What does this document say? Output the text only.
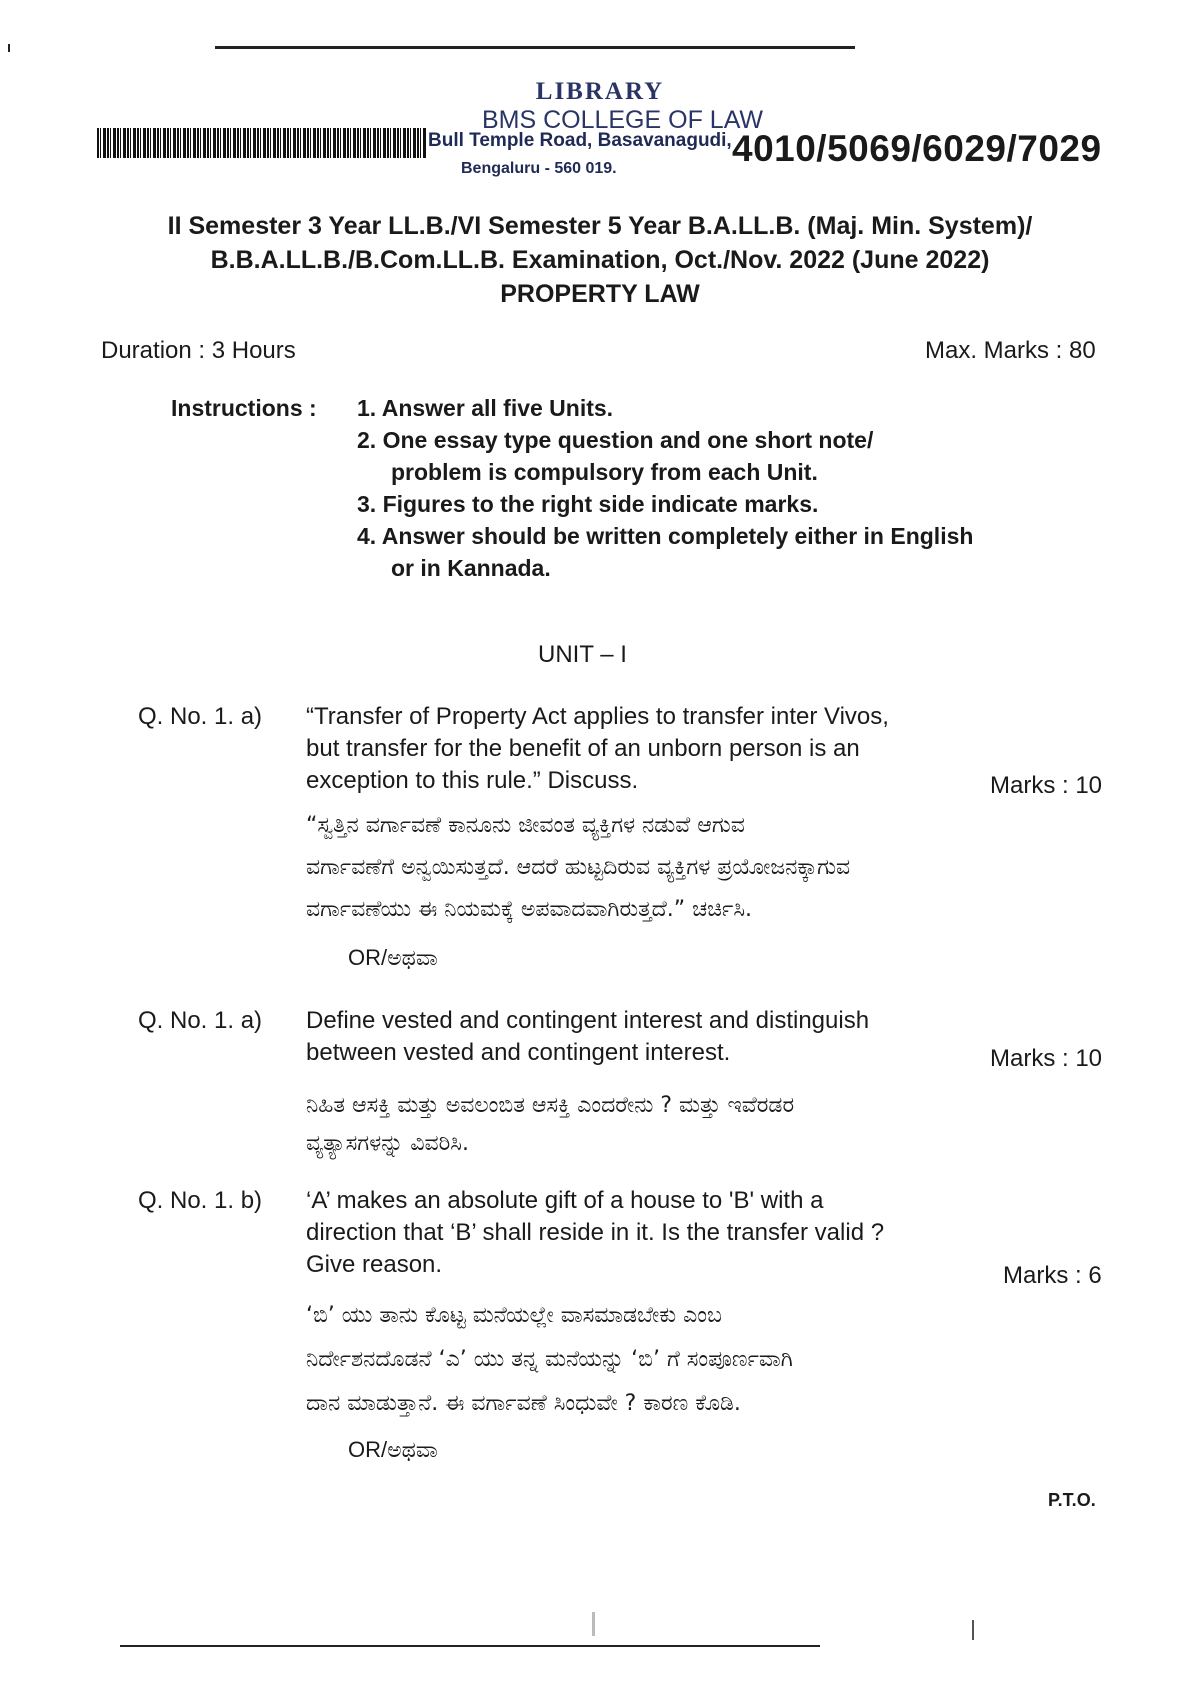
LIBRARY
BMS COLLEGE OF LAW
Bull Temple Road, Basavanagudi,
Bengaluru - 560 019.	4010/5069/6029/7029
II Semester 3 Year LL.B./VI Semester 5 Year B.A.LL.B. (Maj. Min. System)/
B.B.A.LL.B./B.Com.LL.B. Examination, Oct./Nov. 2022 (June 2022)
PROPERTY LAW
Duration : 3 Hours	Max. Marks : 80
Instructions : 1. Answer all five Units.
2. One essay type question and one short note/
problem is compulsory from each Unit.
3. Figures to the right side indicate marks.
4. Answer should be written completely either in English
or in Kannada.
UNIT – I
Q. No. 1. a) “Transfer of Property Act applies to transfer inter Vivos,
but transfer for the benefit of an unborn person is an
exception to this rule.” Discuss.	Marks : 10
“ಸ್ವತ್ತಿನ ವರ್ಗಾವಣೆ ಕಾನೂನು ಜೀವಂತ ವ್ಯಕ್ತಿಗಳ ನಡುವೆ ಆಗುವ
ವರ್ಗಾವಣೆಗೆ ಅನ್ವಯಿಸುತ್ತದೆ. ಆದರೆ ಹುಟ್ಟದಿರುವ ವ್ಯಕ್ತಿಗಳ ಪ್ರಯೋಜನಕ್ಕಾಗುವ
ವರ್ಗಾವಣೆಯು ಈ ನಿಯಮಕ್ಕೆ ಅಪವಾದವಾಗಿರುತ್ತದೆ.” ಚರ್ಚಿಸಿ.
OR/ಅಥವಾ
Q. No. 1. a) Define vested and contingent interest and distinguish
between vested and contingent interest.	Marks : 10
ನಿಹಿತ ಆಸಕ್ತಿ ಮತ್ತು ಅವಲಂಬಿತ ಆಸಕ್ತಿ ಎಂದರೇನು ? ಮತ್ತು ಇವೆರಡರ
ವ್ಯತ್ಯಾಸಗಳನ್ನು ವಿವರಿಸಿ.
Q. No. 1. b) ‘A’ makes an absolute gift of a house to 'B' with a
direction that ‘B’ shall reside in it. Is the transfer valid ?
Give reason.	Marks : 6
‘ಬಿ’ ಯು ತಾನು ಕೊಟ್ಟ ಮನೆಯಲ್ಲೇ ವಾಸಮಾಡಬೇಕು ಎಂಬ
ನಿರ್ದೇಶನದೊಡನೆ ‘ಎ’ ಯು ತನ್ನ ಮನೆಯನ್ನು ‘ಬಿ’ ಗೆ ಸಂಪೂರ್ಣವಾಗಿ
ದಾನ ಮಾಡುತ್ತಾನೆ. ಈ ವರ್ಗಾವಣೆ ಸಿಂಧುವೇ ? ಕಾರಣ ಕೊಡಿ.
OR/ಅಥವಾ
P.T.O.
